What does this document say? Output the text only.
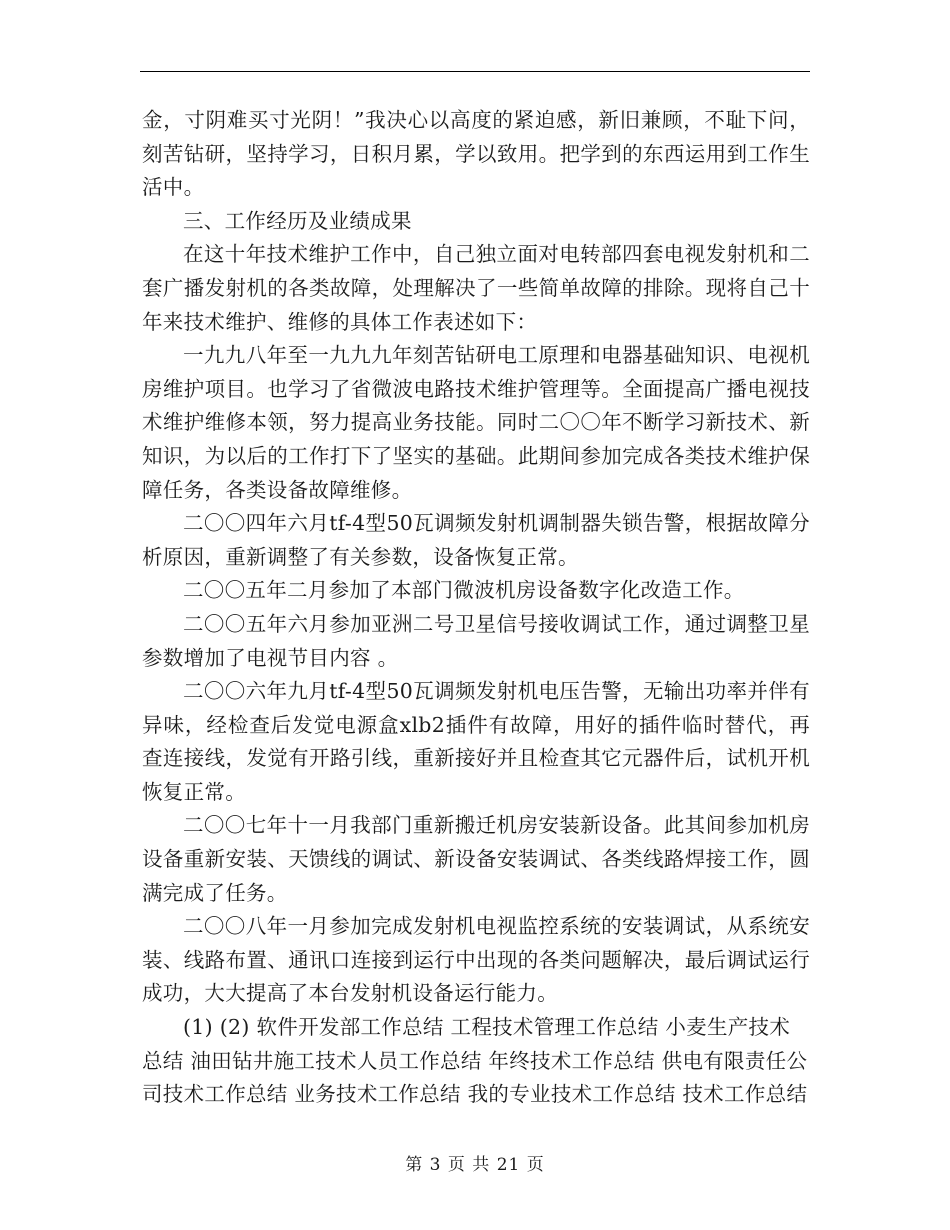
金，寸阴难买寸光阴！”我决心以高度的紧迫感，新旧兼顾，不耻下问，刻苦钻研，坚持学习，日积月累，学以致用。把学到的东西运用到工作生活中。

三、工作经历及业绩成果

在这十年技术维护工作中，自己独立面对电转部四套电视发射机和二套广播发射机的各类故障，处理解决了一些简单故障的排除。现将自己十年来技术维护、维修的具体工作表述如下：

一九九八年至一九九九年刻苦钻研电工原理和电器基础知识、电视机房维护项目。也学习了省微波电路技术维护管理等。全面提高广播电视技术维护维修本领，努力提高业务技能。同时二〇〇年不断学习新技术、新知识，为以后的工作打下了坚实的基础。此期间参加完成各类技术维护保障任务，各类设备故障维修。

二〇〇四年六月tf-4型50瓦调频发射机调制器失锁告警，根据故障分析原因，重新调整了有关参数，设备恢复正常。

二〇〇五年二月参加了本部门微波机房设备数字化改造工作。

二〇〇五年六月参加亚洲二号卫星信号接收调试工作，通过调整卫星参数增加了电视节目内容 。

二〇〇六年九月tf-4型50瓦调频发射机电压告警，无输出功率并伴有异味，经检查后发觉电源盒xlb2插件有故障，用好的插件临时替代，再查连接线，发觉有开路引线，重新接好并且检查其它元器件后，试机开机恢复正常。

二〇〇七年十一月我部门重新搬迁机房安装新设备。此其间参加机房设备重新安装、天馈线的调试、新设备安装调试、各类线路焊接工作，圆满完成了任务。

二〇〇八年一月参加完成发射机电视监控系统的安装调试，从系统安装、线路布置、通讯口连接到运行中出现的各类问题解决，最后调试运行成功，大大提高了本台发射机设备运行能力。

(1) (2) 软件开发部工作总结 工程技术管理工作总结 小麦生产技术总结 油田钻井施工技术人员工作总结 年终技术工作总结 供电有限责任公司技术工作总结 业务技术工作总结 我的专业技术工作总结 技术工作总结

第 3 页 共 21 页
